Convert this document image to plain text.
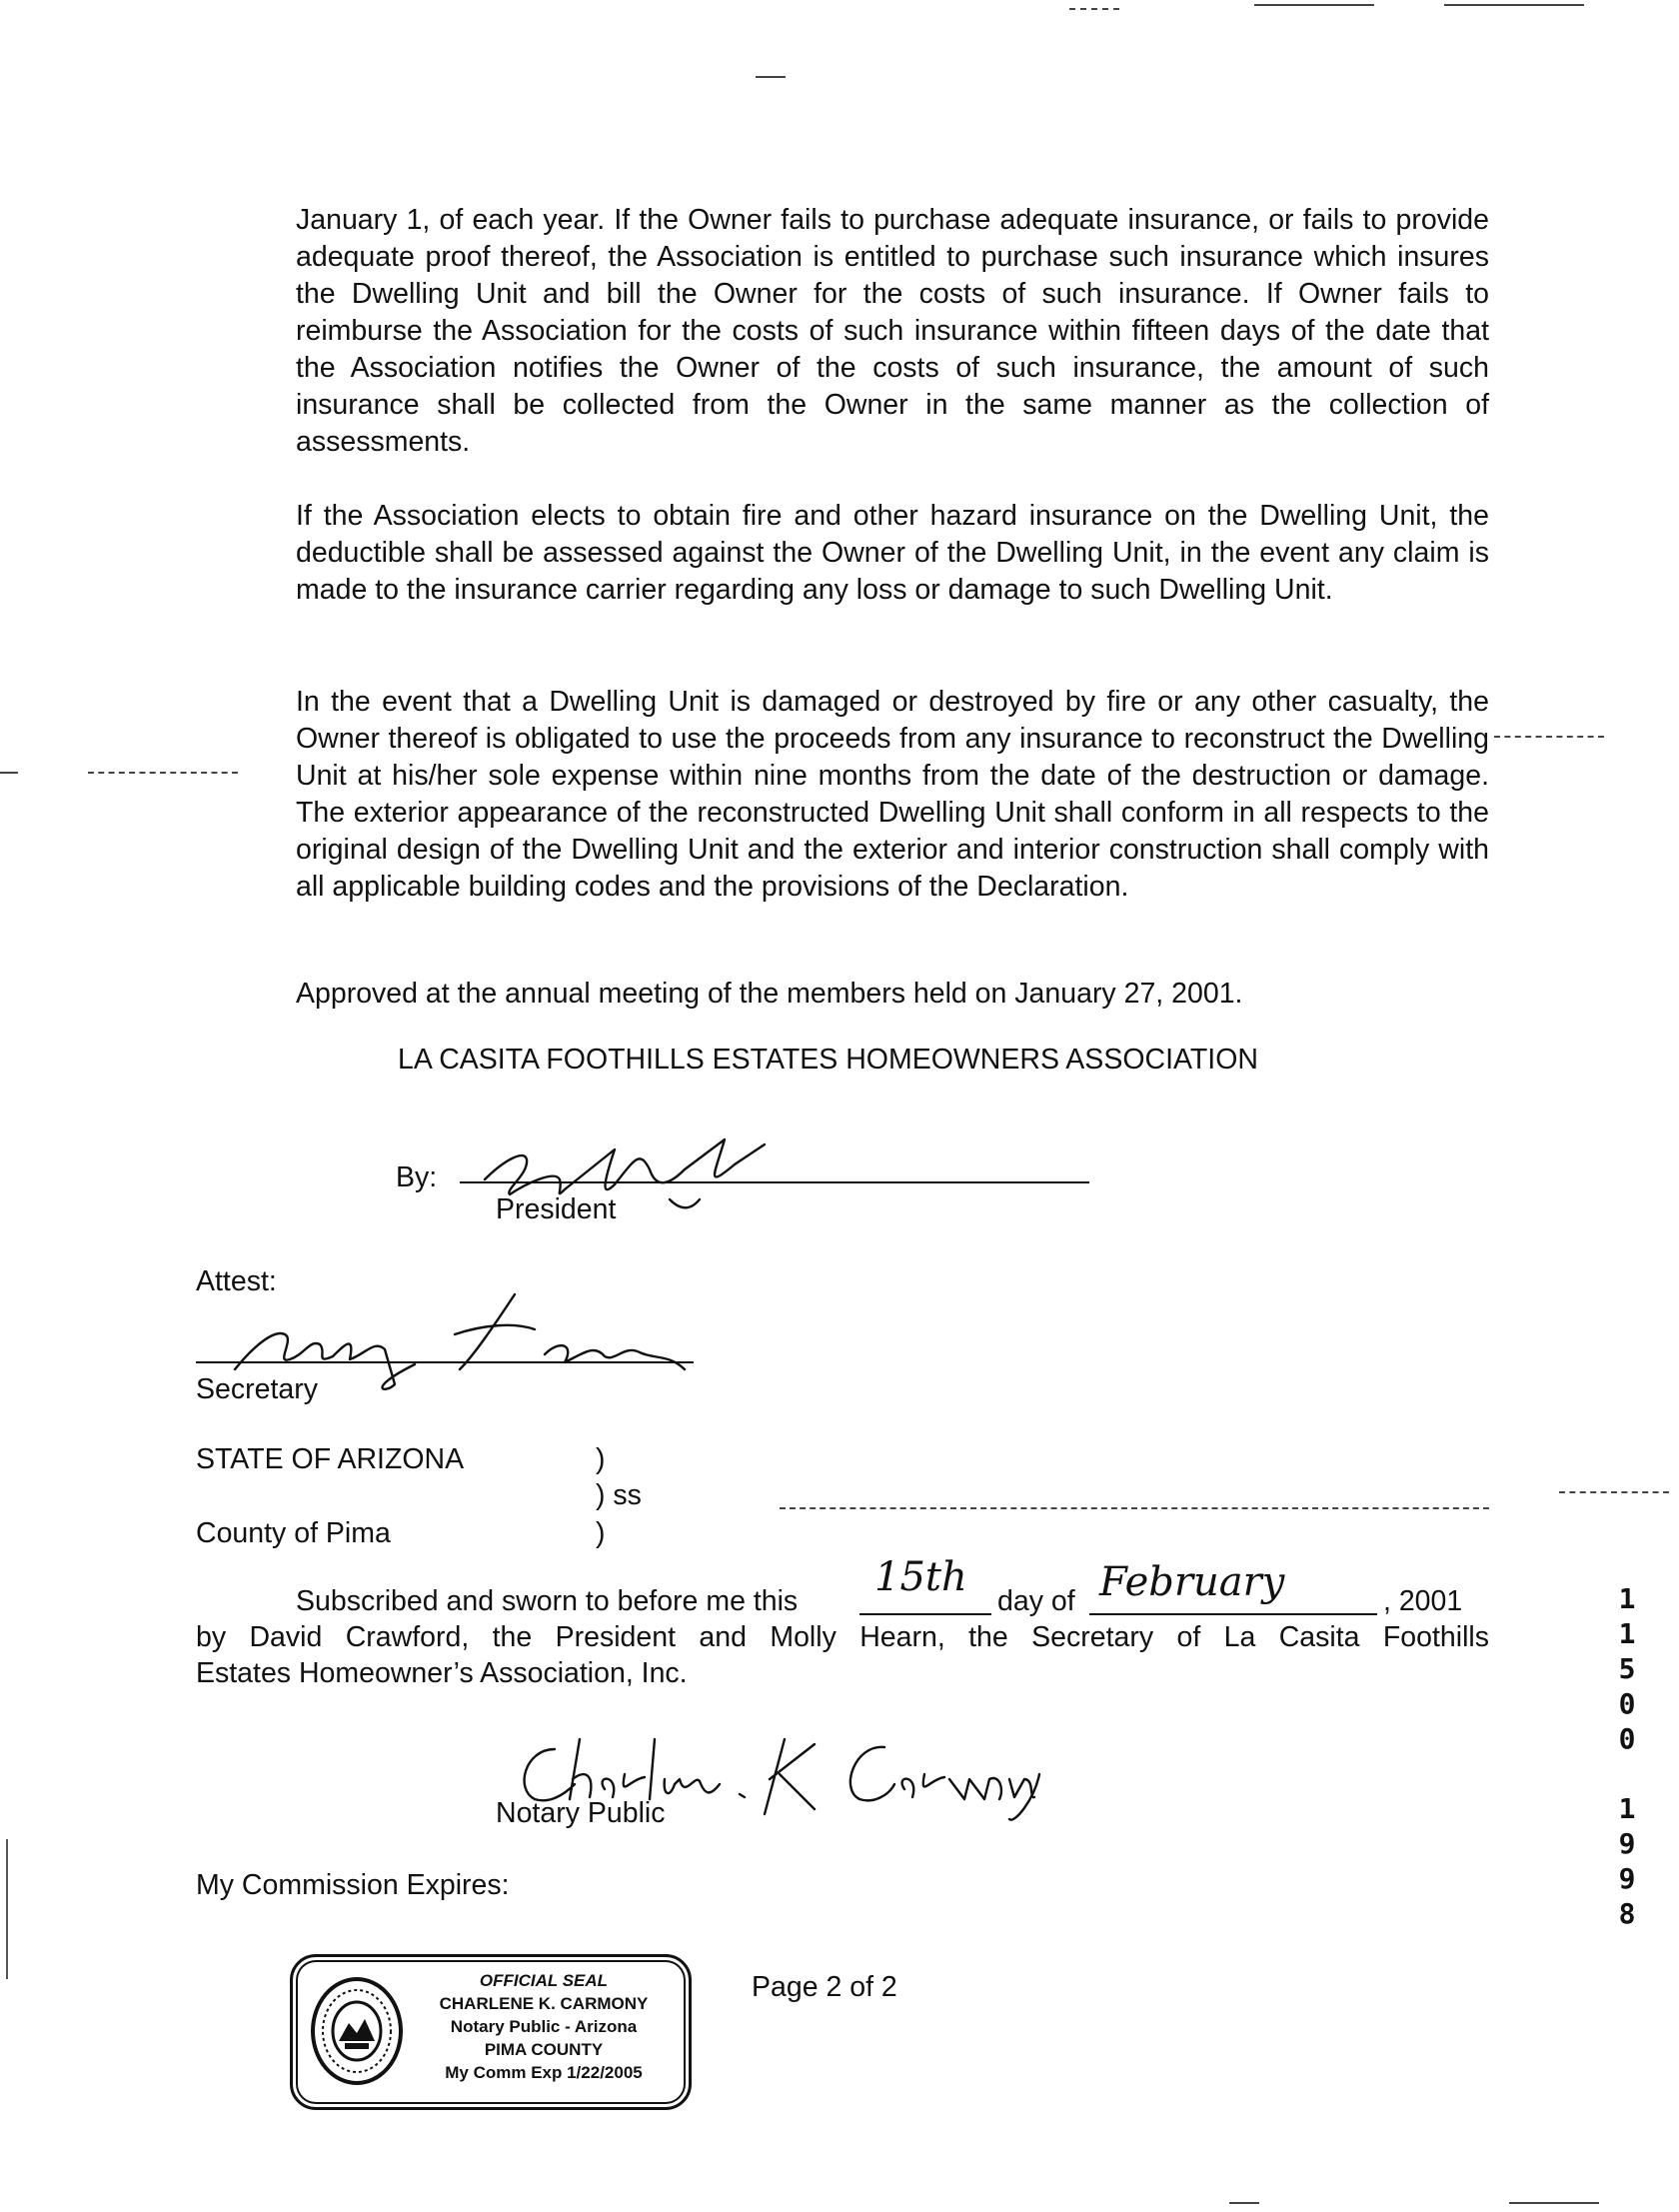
January 1, of each year. If the Owner fails to purchase adequate insurance, or fails to provide adequate proof thereof, the Association is entitled to purchase such insurance which insures the Dwelling Unit and bill the Owner for the costs of such insurance. If Owner fails to reimburse the Association for the costs of such insurance within fifteen days of the date that the Association notifies the Owner of the costs of such insurance, the amount of such insurance shall be collected from the Owner in the same manner as the collection of assessments.
If the Association elects to obtain fire and other hazard insurance on the Dwelling Unit, the deductible shall be assessed against the Owner of the Dwelling Unit, in the event any claim is made to the insurance carrier regarding any loss or damage to such Dwelling Unit.
In the event that a Dwelling Unit is damaged or destroyed by fire or any other casualty, the Owner thereof is obligated to use the proceeds from any insurance to reconstruct the Dwelling Unit at his/her sole expense within nine months from the date of the destruction or damage. The exterior appearance of the reconstructed Dwelling Unit shall conform in all respects to the original design of the Dwelling Unit and the exterior and interior construction shall comply with all applicable building codes and the provisions of the Declaration.
Approved at the annual meeting of the members held on January 27, 2001.
LA CASITA FOOTHILLS ESTATES HOMEOWNERS ASSOCIATION
By:
President
Attest:
Secretary
STATE OF ARIZONA	)
) ss
County of Pima	)
Subscribed and sworn to before me this
15th
day of February	, 2001
by David Crawford, the President and Molly Hearn, the Secretary of La Casita Foothills
Estates Homeowner’s Association, Inc.
Notary Public
My Commission Expires:
OFFICIAL SEAL
CHARLENE K. CARMONY
Notary Public - Arizona
PIMA COUNTY
My Comm Exp 1/22/2005
Page 2 of 2
1
1
5
0
0
1
9
9
8
